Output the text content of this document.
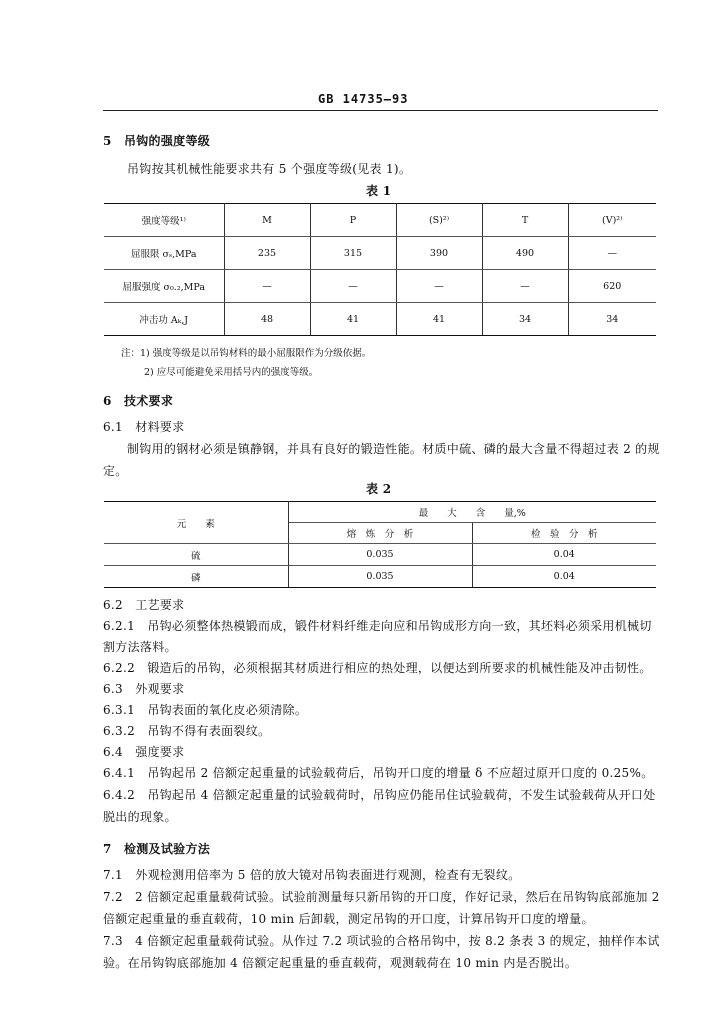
GB 14735—93
5　吊钩的强度等级
吊钩按其机械性能要求共有 5 个强度等级(见表 1)。
表 1
强度等级¹⁾	M	P	(S)²⁾	T	(V)²⁾
屈服限 σₛ,MPa	235	315	390	490	—
屈服强度 σ₀.₂,MPa	—	—	—	—	620
冲击功 Aₖ,J	48	41	41	34	34
注：1) 强度等级是以吊钩材料的最小屈服限作为分级依据。
2) 应尽可能避免采用括号内的强度等级。
6　技术要求
6.1　材料要求
制钩用的钢材必须是镇静钢，并具有良好的锻造性能。材质中硫、磷的最大含量不得超过表 2 的规
定。
表 2
元　　素	最　　大　　含　　量,%	
	熔　炼　分　析	检　验　分　析
硫	0.035	0.04
磷	0.035	0.04
6.2　工艺要求
6.2.1　吊钩必须整体热模锻而成，锻件材料纤维走向应和吊钩成形方向一致，其坯料必须采用机械切
割方法落料。
6.2.2　锻造后的吊钩，必须根据其材质进行相应的热处理，以便达到所要求的机械性能及冲击韧性。
6.3　外观要求
6.3.1　吊钩表面的氧化皮必须清除。
6.3.2　吊钩不得有表面裂纹。
6.4　强度要求
6.4.1　吊钩起吊 2 倍额定起重量的试验载荷后，吊钩开口度的增量 δ 不应超过原开口度的 0.25%。
6.4.2　吊钩起吊 4 倍额定起重量的试验载荷时，吊钩应仍能吊住试验载荷，不发生试验载荷从开口处
脱出的现象。
7　检测及试验方法
7.1　外观检测用倍率为 5 倍的放大镜对吊钩表面进行观测，检查有无裂纹。
7.2　2 倍额定起重量载荷试验。试验前测量每只新吊钩的开口度，作好记录，然后在吊钩钩底部施加 2
倍额定起重量的垂直载荷，10 min 后卸载，测定吊钩的开口度，计算吊钩开口度的增量。
7.3　4 倍额定起重量载荷试验。从作过 7.2 项试验的合格吊钩中，按 8.2 条表 3 的规定，抽样作本试
验。在吊钩钩底部施加 4 倍额定起重量的垂直载荷，观测载荷在 10 min 内是否脱出。
